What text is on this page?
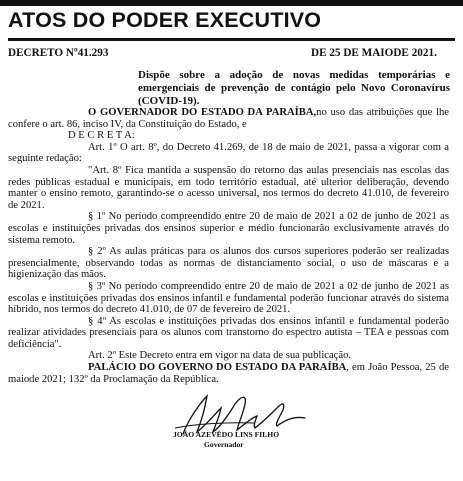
ATOS DO PODER EXECUTIVO
DECRETO Nº41.293	DE 25 DE MAIODE 2021.
Dispõe sobre a adoção de novas medidas temporárias e emergenciais de prevenção de contágio pelo Novo Coronavírus (COVID-19).

O GOVERNADOR DO ESTADO DA PARAÍBA,no uso das atribuições que lhe confere o art. 86, inciso IV, da Constituição do Estado, e

D E C R E T A:

Art. 1º O art. 8º, do Decreto 41.269, de 18 de maio de 2021, passa a vigorar com a seguinte redação:

"Art. 8º Fica mantida a suspensão do retorno das aulas presenciais nas escolas das redes públicas estadual e municipais, em todo território estadual, até ulterior deliberação, devendo manter o ensino remoto, garantindo-se o acesso universal, nos termos do decreto 41.010, de fevereiro de 2021.

§ 1º No período compreendido entre 20 de maio de 2021 a 02 de junho de 2021 as escolas e instituições privadas dos ensinos superior e médio funcionarão exclusivamente através do sistema remoto.

§ 2º As aulas práticas para os alunos dos cursos superiores poderão ser realizadas presencialmente, observando todas as normas de distanciamento social, o uso de máscaras e a higienização das mãos.

§ 3º No período compreendido entre 20 de maio de 2021 a 02 de junho de 2021 as escolas e instituições privadas dos ensinos infantil e fundamental poderão funcionar através do sistema híbrido, nos termos do decreto 41.010, de 07 de fevereiro de 2021.

§ 4º As escolas e instituições privadas dos ensinos infantil e fundamental poderão realizar atividades presenciais para os alunos com transtorno do espectro autista – TEA e pessoas com deficiência".

Art. 2º Este Decreto entra em vigor na data de sua publicação.

PALÁCIO DO GOVERNO DO ESTADO DA PARAÍBA, em João Pessoa, 25 de maiode 2021; 132º da Proclamação da República.

JOÃO AZEVÊDO LINS FILHO
Governador
